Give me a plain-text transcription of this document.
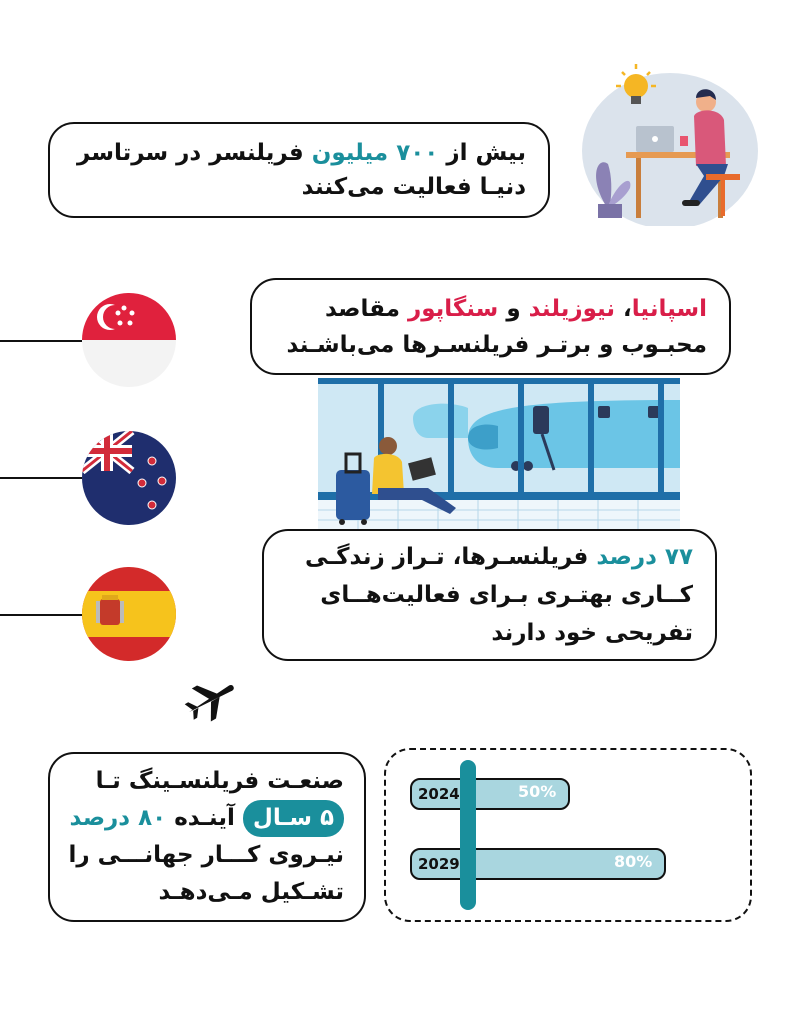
بیش از ۷۰۰ میلیون فریلنسر در سرتاسر
دنیـا فعالیت می‌کنند
اسپانیا، نیوزیلند و سنگاپور مقاصد
محبـوب و برتـر فریلنسـرها می‌باشـند
۷۷ درصد فریلنسـرها، تـراز زندگـی
کــاری بهتـری بـرای فعالیت‌هــای
تفریحی خود دارند
2024	50%
2029	80%
صنعـت فریلنسـینگ تـا
۵ سـال آینـده ۸۰ درصد
نیـروی کـــار جهانـــی را
تشـکیل مـی‌دهـد
